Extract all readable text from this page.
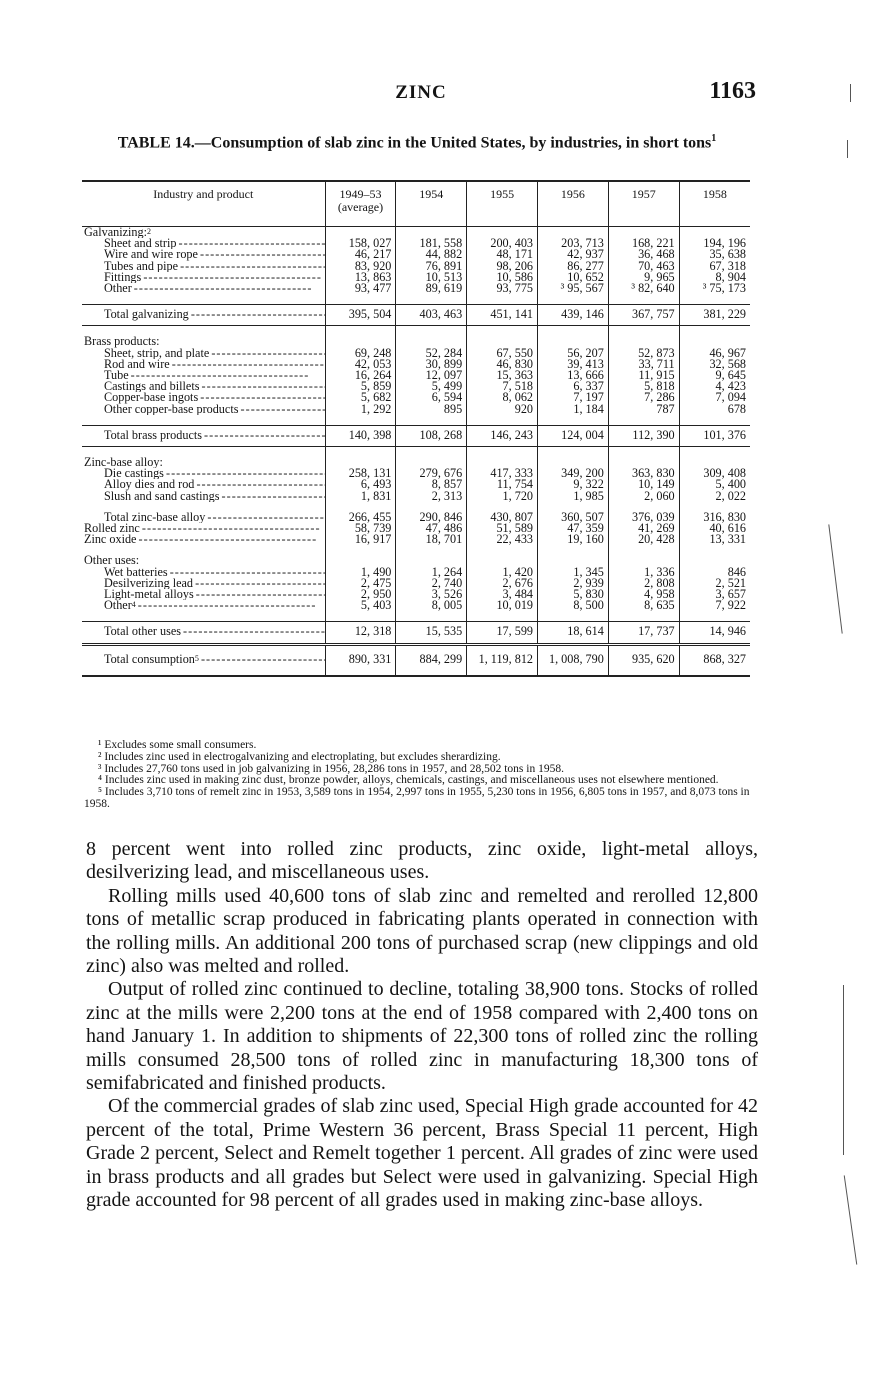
ZINC	1163
TABLE 14.—Consumption of slab zinc in the United States, by industries, in short tons$^1$
Industry and product	1949–53 (average)	1954	1955	1956	1957	1958
Galvanizing:$^2$						
Sheet and strip - - -	158, 027	181, 558	200, 403	203, 713	168, 221	194, 196
Wire and wire rope - - -	46, 217	44, 882	48, 171	42, 937	36, 468	35, 638
Tubes and pipe - - -	83, 920	76, 891	98, 206	86, 277	70, 463	67, 318
Fittings - - -	13, 863	10, 513	10, 586	10, 652	9, 965	8, 904
Other - - -	93, 477	89, 619	93, 775	³ 95, 567	³ 82, 640	³ 75, 173

Total galvanizing - - -	395, 504	403, 463	451, 141	439, 146	367, 757	381, 229

Brass products:						
Sheet, strip, and plate - - -	69, 248	52, 284	67, 550	56, 207	52, 873	46, 967
Rod and wire - - -	42, 053	30, 899	46, 830	39, 413	33, 711	32, 568
Tube - - -	16, 264	12, 097	15, 363	13, 666	11, 915	9, 645
Castings and billets - - -	5, 859	5, 499	7, 518	6, 337	5, 818	4, 423
Copper-base ingots - - -	5, 682	6, 594	8, 062	7, 197	7, 286	7, 094
Other copper-base products - - -	1, 292	895	920	1, 184	787	678

Total brass products - - -	140, 398	108, 268	146, 243	124, 004	112, 390	101, 376

Zinc-base alloy:						
Die castings - - -	258, 131	279, 676	417, 333	349, 200	363, 830	309, 408
Alloy dies and rod - - -	6, 493	8, 857	11, 754	9, 322	10, 149	5, 400
Slush and sand castings - - -	1, 831	2, 313	1, 720	1, 985	2, 060	2, 022

Total zinc-base alloy - - -	266, 455	290, 846	430, 807	360, 507	376, 039	316, 830
Rolled zinc - - -	58, 739	47, 486	51, 589	47, 359	41, 269	40, 616
Zinc oxide - - -	16, 917	18, 701	22, 433	19, 160	20, 428	13, 331

Other uses:						
Wet batteries - - -	1, 490	1, 264	1, 420	1, 345	1, 336	846
Desilverizing lead - - -	2, 475	2, 740	2, 676	2, 939	2, 808	2, 521
Light-metal alloys - - -	2, 950	3, 526	3, 484	5, 830	4, 958	3, 657
Other$^4$ - - -	5, 403	8, 005	10, 019	8, 500	8, 635	7, 922

Total other uses - - -	12, 318	15, 535	17, 599	18, 614	17, 737	14, 946
Total consumption$^5$ - - -	890, 331	884, 299	1, 119, 812	1, 008, 790	935, 620	868, 327

¹ Excludes some small consumers.

² Includes zinc used in electrogalvanizing and electroplating, but excludes sherardizing.

³ Includes 27,760 tons used in job galvanizing in 1956, 28,286 tons in 1957, and 28,502 tons in 1958.

⁴ Includes zinc used in making zinc dust, bronze powder, alloys, chemicals, castings, and miscellaneous uses not elsewhere mentioned.

⁵ Includes 3,710 tons of remelt zinc in 1953, 3,589 tons in 1954, 2,997 tons in 1955, 5,230 tons in 1956, 6,805 tons in 1957, and 8,073 tons in 1958.

8 percent went into rolled zinc products, zinc oxide, light-metal alloys, desilverizing lead, and miscellaneous uses.

Rolling mills used 40,600 tons of slab zinc and remelted and rerolled 12,800 tons of metallic scrap produced in fabricating plants operated in connection with the rolling mills. An additional 200 tons of purchased scrap (new clippings and old zinc) also was melted and rolled.

Output of rolled zinc continued to decline, totaling 38,900 tons. Stocks of rolled zinc at the mills were 2,200 tons at the end of 1958 compared with 2,400 tons on hand January 1. In addition to shipments of 22,300 tons of rolled zinc the rolling mills consumed 28,500 tons of rolled zinc in manufacturing 18,300 tons of semifabricated and finished products.

Of the commercial grades of slab zinc used, Special High grade accounted for 42 percent of the total, Prime Western 36 percent, Brass Special 11 percent, High Grade 2 percent, Select and Remelt together 1 percent. All grades of zinc were used in brass products and all grades but Select were used in galvanizing. Special High grade accounted for 98 percent of all grades used in making zinc-base alloys.
